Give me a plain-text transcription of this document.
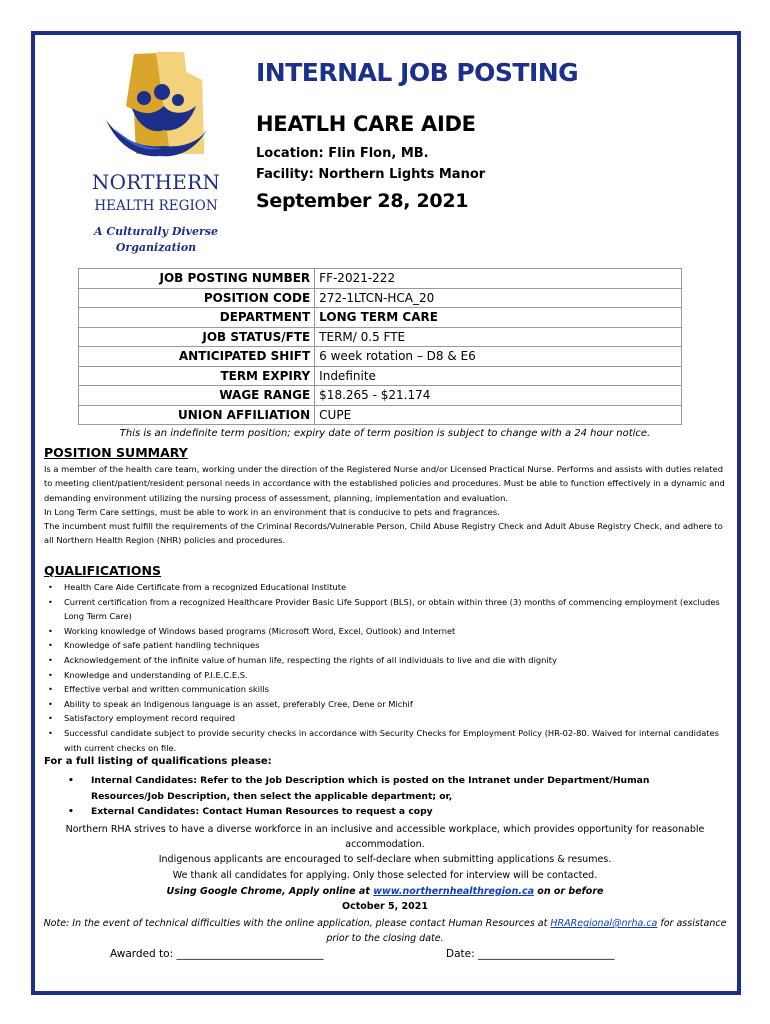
NORTHERN
HEALTH REGION
A Culturally Diverse
Organization
INTERNAL JOB POSTING
HEATLH CARE AIDE
Location: Flin Flon, MB.
Facility: Northern Lights Manor
September 28, 2021
JOB POSTING NUMBER	FF-2021-222
POSITION CODE	272-1LTCN-HCA_20
DEPARTMENT	LONG TERM CARE
JOB STATUS/FTE	TERM/ 0.5 FTE
ANTICIPATED SHIFT	6 week rotation – D8 & E6
TERM EXPIRY	Indefinite
WAGE RANGE	$18.265 - $21.174
UNION AFFILIATION	CUPE
This is an indefinite term position; expiry date of term position is subject to change with a 24 hour notice.
POSITION SUMMARY

Is a member of the health care team, working under the direction of the Registered Nurse and/or Licensed Practical Nurse. Performs and assists with duties related to meeting client/patient/resident personal needs in accordance with the established policies and procedures. Must be able to function effectively in a dynamic and demanding environment utilizing the nursing process of assessment, planning, implementation and evaluation.

In Long Term Care settings, must be able to work in an environment that is conducive to pets and fragrances.

The incumbent must fulfill the requirements of the Criminal Records/Vulnerable Person, Child Abuse Registry Check and Adult Abuse Registry Check, and adhere to all Northern Health Region (NHR) policies and procedures.

QUALIFICATIONS
• Health Care Aide Certificate from a recognized Educational Institute
• Current certification from a recognized Healthcare Provider Basic Life Support (BLS), or obtain within three (3) months of commencing employment (excludes Long Term Care)
• Working knowledge of Windows based programs (Microsoft Word, Excel, Outlook) and Internet
• Knowledge of safe patient handling techniques
• Acknowledgement of the infinite value of human life, respecting the rights of all individuals to live and die with dignity
• Knowledge and understanding of P.I.E.C.E.S.
• Effective verbal and written communication skills
• Ability to speak an Indigenous language is an asset, preferably Cree, Dene or Michif
• Satisfactory employment record required
• Successful candidate subject to provide security checks in accordance with Security Checks for Employment Policy (HR-02-80. Waived for internal candidates with current checks on file.
For a full listing of qualifications please:
• Internal Candidates: Refer to the Job Description which is posted on the Intranet under Department/Human Resources/Job Description, then select the applicable department; or,
• External Candidates: Contact Human Resources to request a copy
Northern RHA strives to have a diverse workforce in an inclusive and accessible workplace, which provides opportunity for reasonable accommodation.
Indigenous applicants are encouraged to self-declare when submitting applications & resumes.
We thank all candidates for applying. Only those selected for interview will be contacted.
Using Google Chrome, Apply online at www.northernhealthregion.ca on or before
October 5, 2021
Note: In the event of technical difficulties with the online application, please contact Human Resources at HRARegional@nrha.ca for assistance prior to the closing date.
Awarded to: ____________________________	Date: __________________________
